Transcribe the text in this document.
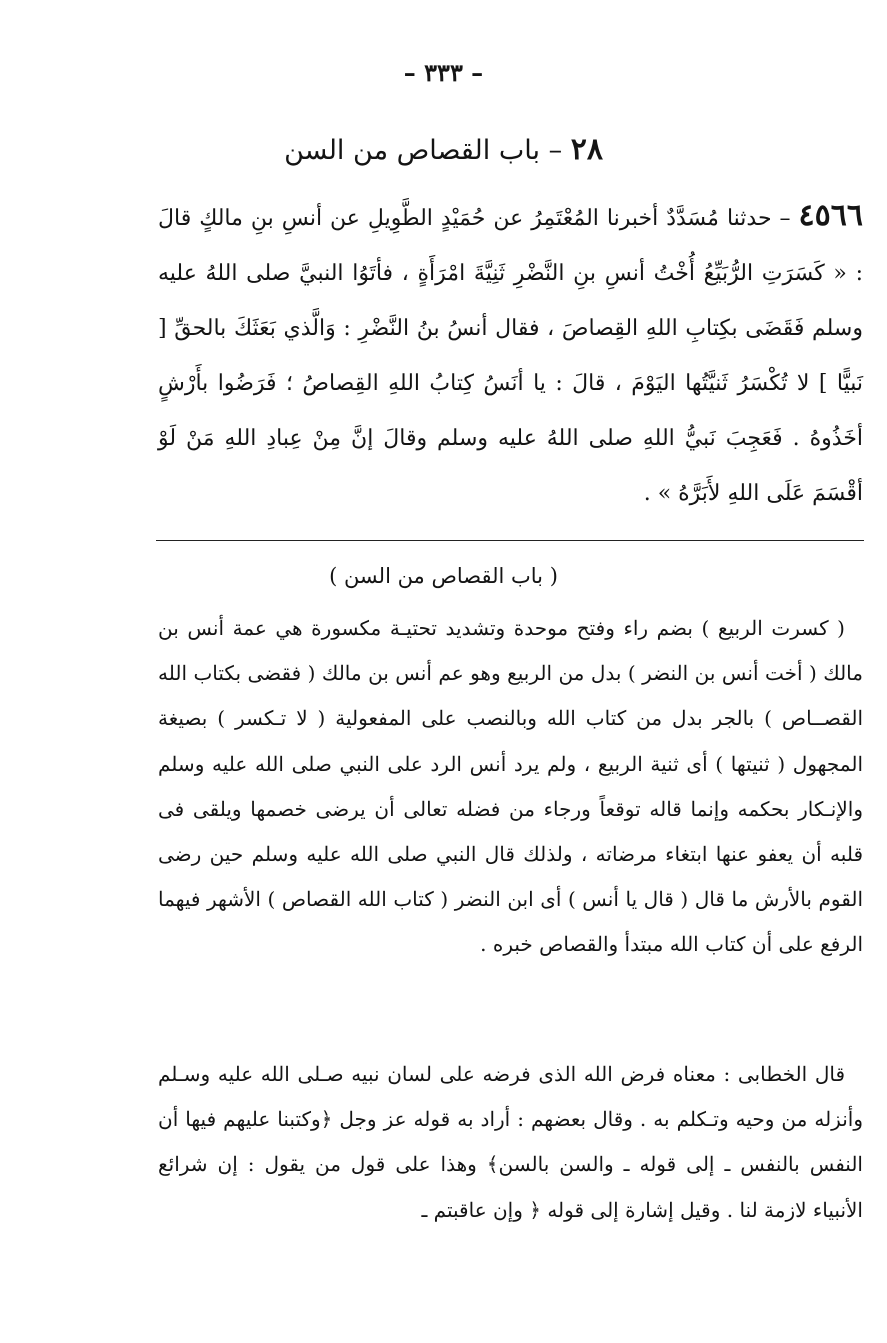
– ٣٣٣ –
٢٨ – باب القصاص من السن
٤٥٦٦ – حدثنا مُسَدَّدٌ أخبرنا المُعْتَمِرُ عن حُمَيْدٍ الطَّوِيلِ عن أنسِ بنِ مالكٍ قالَ : « كَسَرَتِ الرُّبَيِّعُ أُخْتُ أنسِ بنِ النَّضْرِ ثَنِيَّةَ امْرَأَةٍ ، فأتَوُا النبيَّ صلى اللهُ عليه وسلم فَقَضَى بكِتابِ اللهِ القِصاصَ ، فقال أنسُ بنُ النَّضْرِ : وَالَّذي بَعَثَكَ بالحقِّ [ نَبيًّا ] لا تُكْسَرُ ثَنيَّتُها اليَوْمَ ، قالَ : يا أنَسُ كِتابُ اللهِ القِصاصُ ؛ فَرَضُوا بأَرْشٍ أخَذُوهُ . فَعَجِبَ نَبيُّ اللهِ صلى اللهُ عليه وسلم وقالَ إنَّ مِنْ عِبادِ اللهِ مَنْ لَوْ أقْسَمَ عَلَى اللهِ لأَبَرَّهُ » .
( باب القصاص من السن )

( كسرت الربيع ) بضم راء وفتح موحدة وتشديد تحتيـة مكسورة هي عمة أنس بن مالك ( أخت أنس بن النضر ) بدل من الربيع وهو عم أنس بن مالك ( فقضى بكتاب الله القصــاص ) بالجر بدل من كتاب الله وبالنصب على المفعولية ( لا تـكسر ) بصيغة المجهول ( ثنيتها ) أى ثنية الربيع ، ولم يرد أنس الرد على النبي صلى الله عليه وسلم والإنـكار بحكمه وإنما قاله توقعاً ورجاء من فضله تعالى أن يرضى خصمها ويلقى فى قلبه أن يعفو عنها ابتغاء مرضاته ، ولذلك قال النبي صلى الله عليه وسلم حين رضى القوم بالأرش ما قال ( قال يا أنس ) أى ابن النضر ( كتاب الله القصاص ) الأشهر فيهما الرفع على أن كتاب الله مبتدأ والقصاص خبره .

قال الخطابى : معناه فرض الله الذى فرضه على لسان نبيه صـلى الله عليه وسـلم وأنزله من وحيه وتـكلم به . وقال بعضهم : أراد به قوله عز وجل ﴿وكتبنا عليهم فيها أن النفس بالنفس ـ إلى قوله ـ والسن بالسن﴾ وهذا على قول من يقول : إن شرائع الأنبياء لازمة لنا . وقيل إشارة إلى قوله ﴿ وإن عاقبتم ـ
